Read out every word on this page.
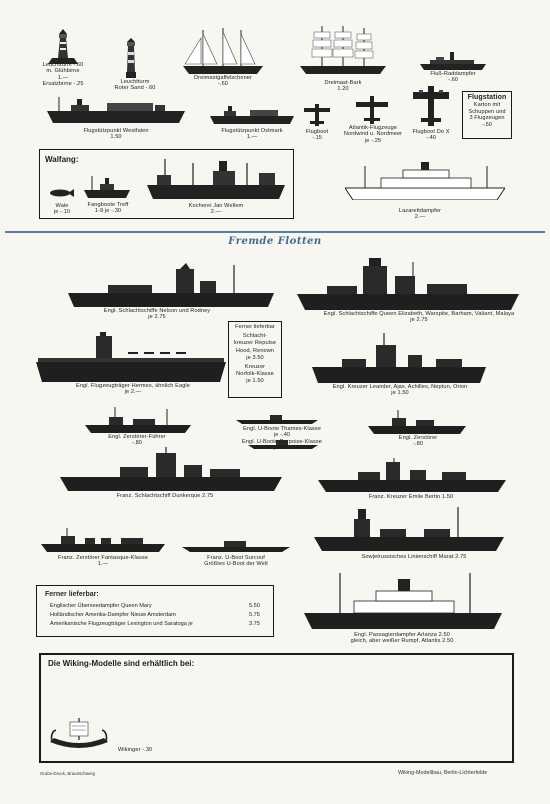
Leuchtturm -.60
m. Glühbirne
1.—
Ersatzbirne -.25	Leuchtturm
Roter Sand -.60
Dreimastgaffelschoner
-.60	Dreimast-Bark
1.20
Fluß-Raddampfer
-.60
Flugstützpunkt Westfalen
1.50
Flugstützpunkt Ostmark
1.—
Flugboot
-.15
Atlantik-Flugzeuge
Nordwind u. Nordmeer
je -.25
Flugboot Do X
-.40
Flugstation
Karton mit
Schuppen und
3 Flugzeugen
-.50
Walfang:
Wale
je -.10
Fangboote Treff
1-9 je -.30
Kocherei Jan Wellem
2.—	Lazarettdampfer
2.—
Fremde Flotten
Engl. Schlachtschiffe Nelson und Rodney
je 2.75
Engl. Schlachtschiffe Queen Elizabeth, Warspite, Barham, Valiant, Malaya
je 2.75
Ferner lieferbar
Schlacht-
kreuzer Repulse
Hood, Renown
je 3.50
Kreuzer
Norfolk-Klasse
je 1.50
Engl. Flugzeugträger Hermes, ähnlich Eagle
je 2.—
Engl. Kreuzer Leander, Ajax, Achilles, Neptun, Orion
je 1.50
Engl. Zerstörer-Führer
-.80
Engl. U-Boote Thames-Klasse
je -.40
Engl. U-Boote Porpoise-Klasse
je -.40
Engl. Zerstörer
-.80
Franz. Schlachtschiff Dunkerque 2.75	Franz. Kreuzer Emile Bertin 1.50
Franz. Zerstörer Fantasque-Klasse
1.—
Franz. U-Boot Surcouf
Größtes U-Boot der Welt
Sowjetrussisches Linienschiff Marat 2.75
Ferner lieferbar:
Englischer Überseedampfer Queen Mary	5.50
Holländischer Amerika-Dampfer Nieuw Amsterdam	5.75
Amerikanische Flugzeugträger Lexington und Saratoga je	3.75
Engl. Passagierdampfer Arlanza 2.50
gleich, aber weißer Rumpf, Atlantis 2.50
Die Wiking-Modelle sind erhältlich bei:
Wikinger -.30
Grubs-Druck, Braunschweig	Wiking-Modellbau, Berlin-Lichterfelde
